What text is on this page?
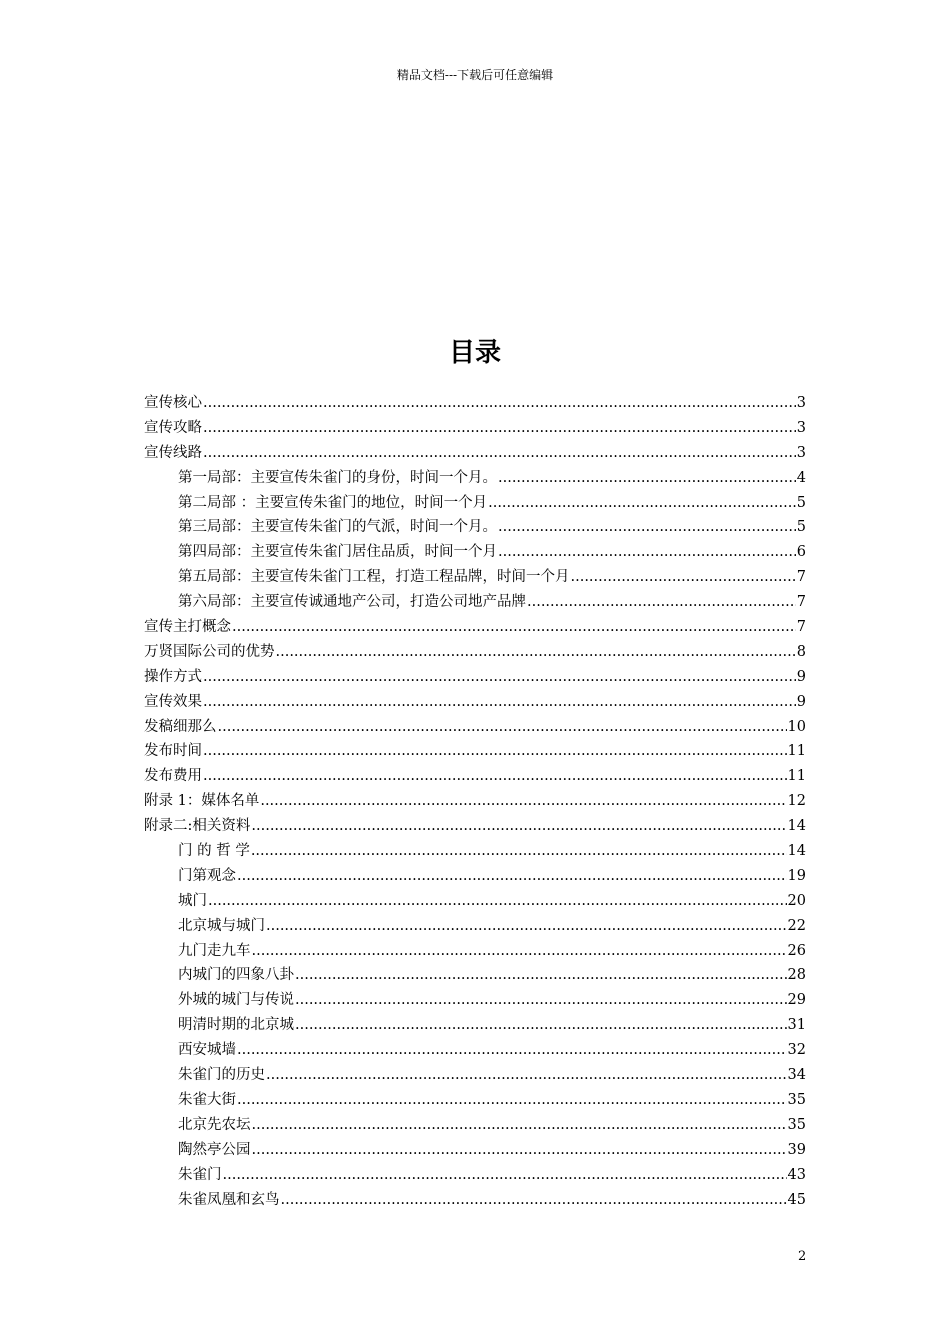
精品文档---下载后可任意编辑
目录
宣传核心 .....	3
宣传攻略 .....	3
宣传线路 .....	3
第一局部：主要宣传朱雀门的身份，时间一个月。 .....	4
第二局部 ：主要宣传朱雀门的地位，时间一个月 .....	5
第三局部：主要宣传朱雀门的气派，时间一个月。 .....	5
第四局部：主要宣传朱雀门居住品质，时间一个月 .....	6
第五局部：主要宣传朱雀门工程，打造工程品牌，时间一个月 .....	7
第六局部：主要宣传诚通地产公司，打造公司地产品牌 .....	7
宣传主打概念 .....	7
万贤国际公司的优势 .....	8
操作方式 .....	9
宣传效果 .....	9
发稿细那么 .....	10
发布时间 .....	11
发布费用 .....	11
附录 1：媒体名单 .....	12
附录二:相关资料 .....	14
门 的 哲 学 .....	14
门第观念 .....	19
城门 .....	20
北京城与城门 .....	22
九门走九车 .....	26
内城门的四象八卦 .....	28
外城的城门与传说 .....	29
明清时期的北京城 .....	31
西安城墙 .....	32
朱雀门的历史 .....	34
朱雀大街 .....	35
北京先农坛 .....	35
陶然亭公园 .....	39
朱雀门 .....	43
朱雀凤凰和玄鸟 .....	45
2
